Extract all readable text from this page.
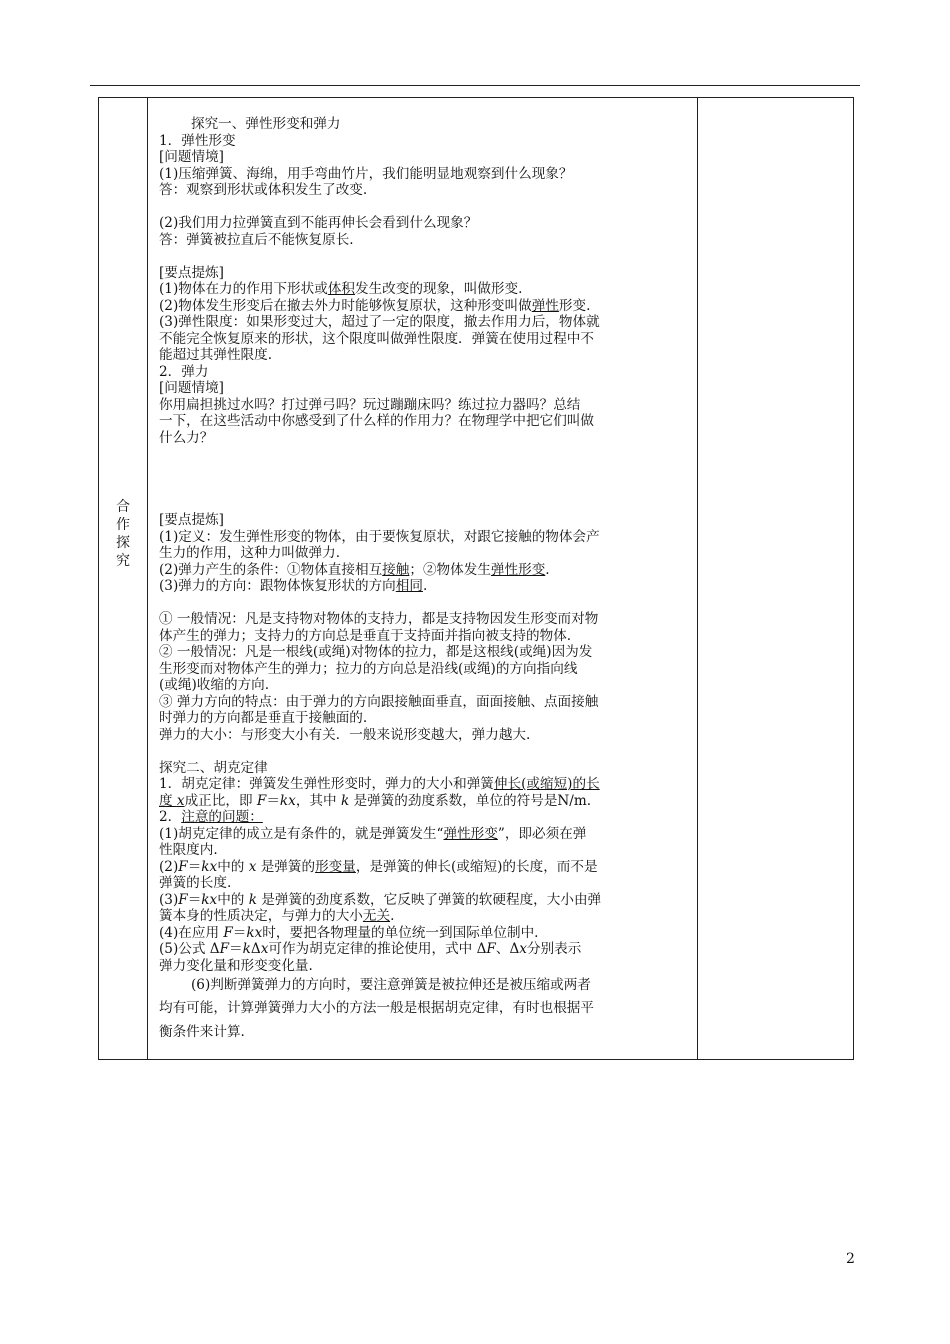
合
作
探
究

探究一、弹性形变和弹力

1．弹性形变

[问题情境]

(1)压缩弹簧、海绵，用手弯曲竹片，我们能明显地观察到什么现象？

答：观察到形状或体积发生了改变.

(2)我们用力拉弹簧直到不能再伸长会看到什么现象？

答：弹簧被拉直后不能恢复原长.

[要点提炼]

(1)物体在力的作用下形状或体积发生改变的现象，叫做形变.

(2)物体发生形变后在撤去外力时能够恢复原状，这种形变叫做弹性形变.

(3)弹性限度：如果形变过大，超过了一定的限度，撤去作用力后，物体就

不能完全恢复原来的形状，这个限度叫做弹性限度．弹簧在使用过程中不

能超过其弹性限度.

2．弹力

[问题情境]

你用扁担挑过水吗？打过弹弓吗？玩过蹦蹦床吗？练过拉力器吗？总结

一下，在这些活动中你感受到了什么样的作用力？在物理学中把它们叫做

什么力？

[要点提炼]

(1)定义：发生弹性形变的物体，由于要恢复原状，对跟它接触的物体会产

生力的作用，这种力叫做弹力.

(2)弹力产生的条件：①物体直接相互接触；②物体发生弹性形变.

(3)弹力的方向：跟物体恢复形状的方向相同.

① 一般情况：凡是支持物对物体的支持力，都是支持物因发生形变而对物

体产生的弹力；支持力的方向总是垂直于支持面并指向被支持的物体.

② 一般情况：凡是一根线(或绳)对物体的拉力，都是这根线(或绳)因为发

生形变而对物体产生的弹力；拉力的方向总是沿线(或绳)的方向指向线

(或绳)收缩的方向.

③ 弹力方向的特点：由于弹力的方向跟接触面垂直，面面接触、点面接触

时弹力的方向都是垂直于接触面的.

弹力的大小：与形变大小有关．一般来说形变越大，弹力越大.

探究二、胡克定律

1．胡克定律：弹簧发生弹性形变时，弹力的大小和弹簧伸长(或缩短)的长

度 x成正比，即 F＝kx，其中 k 是弹簧的劲度系数，单位的符号是N/m.

2．注意的问题：

(1)胡克定律的成立是有条件的，就是弹簧发生“弹性形变”，即必须在弹

性限度内.

(2)F＝kx中的 x 是弹簧的形变量，是弹簧的伸长(或缩短)的长度，而不是

弹簧的长度.

(3)F＝kx中的 k 是弹簧的劲度系数，它反映了弹簧的软硬程度，大小由弹

簧本身的性质决定，与弹力的大小无关.

(4)在应用 F＝kx时，要把各物理量的单位统一到国际单位制中.

(5)公式 ΔF＝kΔx可作为胡克定律的推论使用，式中 ΔF、Δx分别表示

弹力变化量和形变变化量.

(6)判断弹簧弹力的方向时，要注意弹簧是被拉伸还是被压缩或两者

均有可能，计算弹簧弹力大小的方法一般是根据胡克定律，有时也根据平

衡条件来计算.

2
